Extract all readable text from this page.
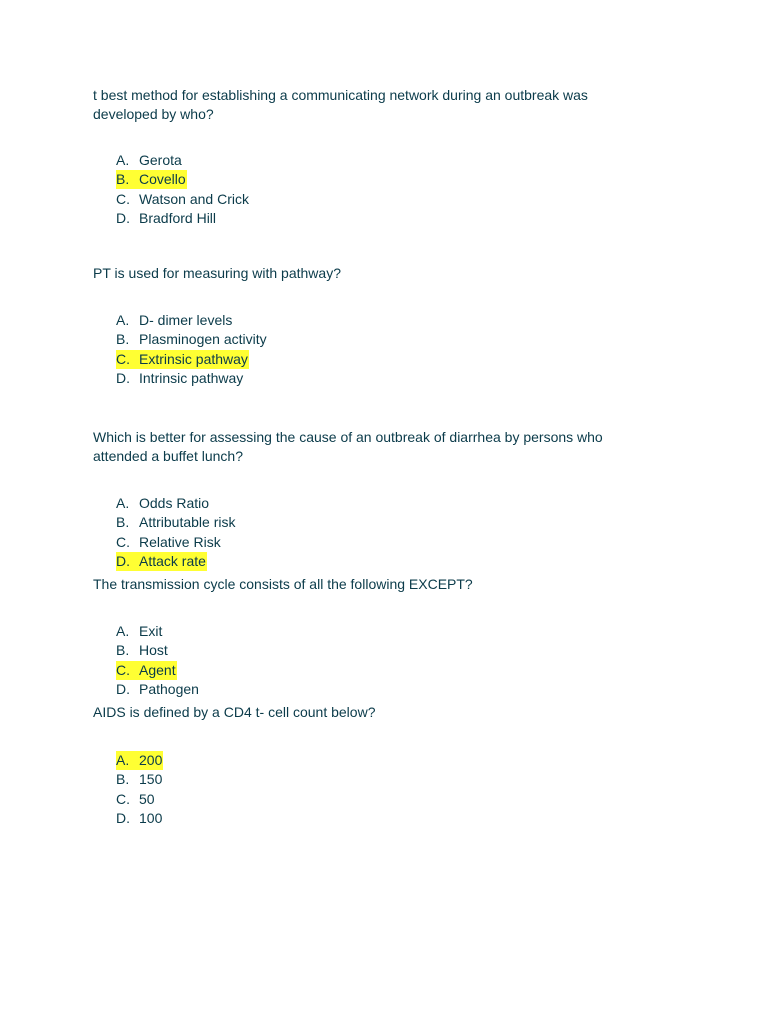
t best method for establishing a communicating network during an outbreak was developed by who?

A. Gerota
B. Covello
C. Watson and Crick
D. Bradford Hill

PT is used for measuring with pathway?

A. D- dimer levels
B. Plasminogen activity
C. Extrinsic pathway
D. Intrinsic pathway

Which is better for assessing the cause of an outbreak of diarrhea by persons who attended a buffet lunch?

A. Odds Ratio
B. Attributable risk
C. Relative Risk
D. Attack rate

The transmission cycle consists of all the following EXCEPT?

A. Exit
B. Host
C. Agent
D. Pathogen

AIDS is defined by a CD4 t- cell count below?

A. 200
B. 150
C. 50
D. 100
